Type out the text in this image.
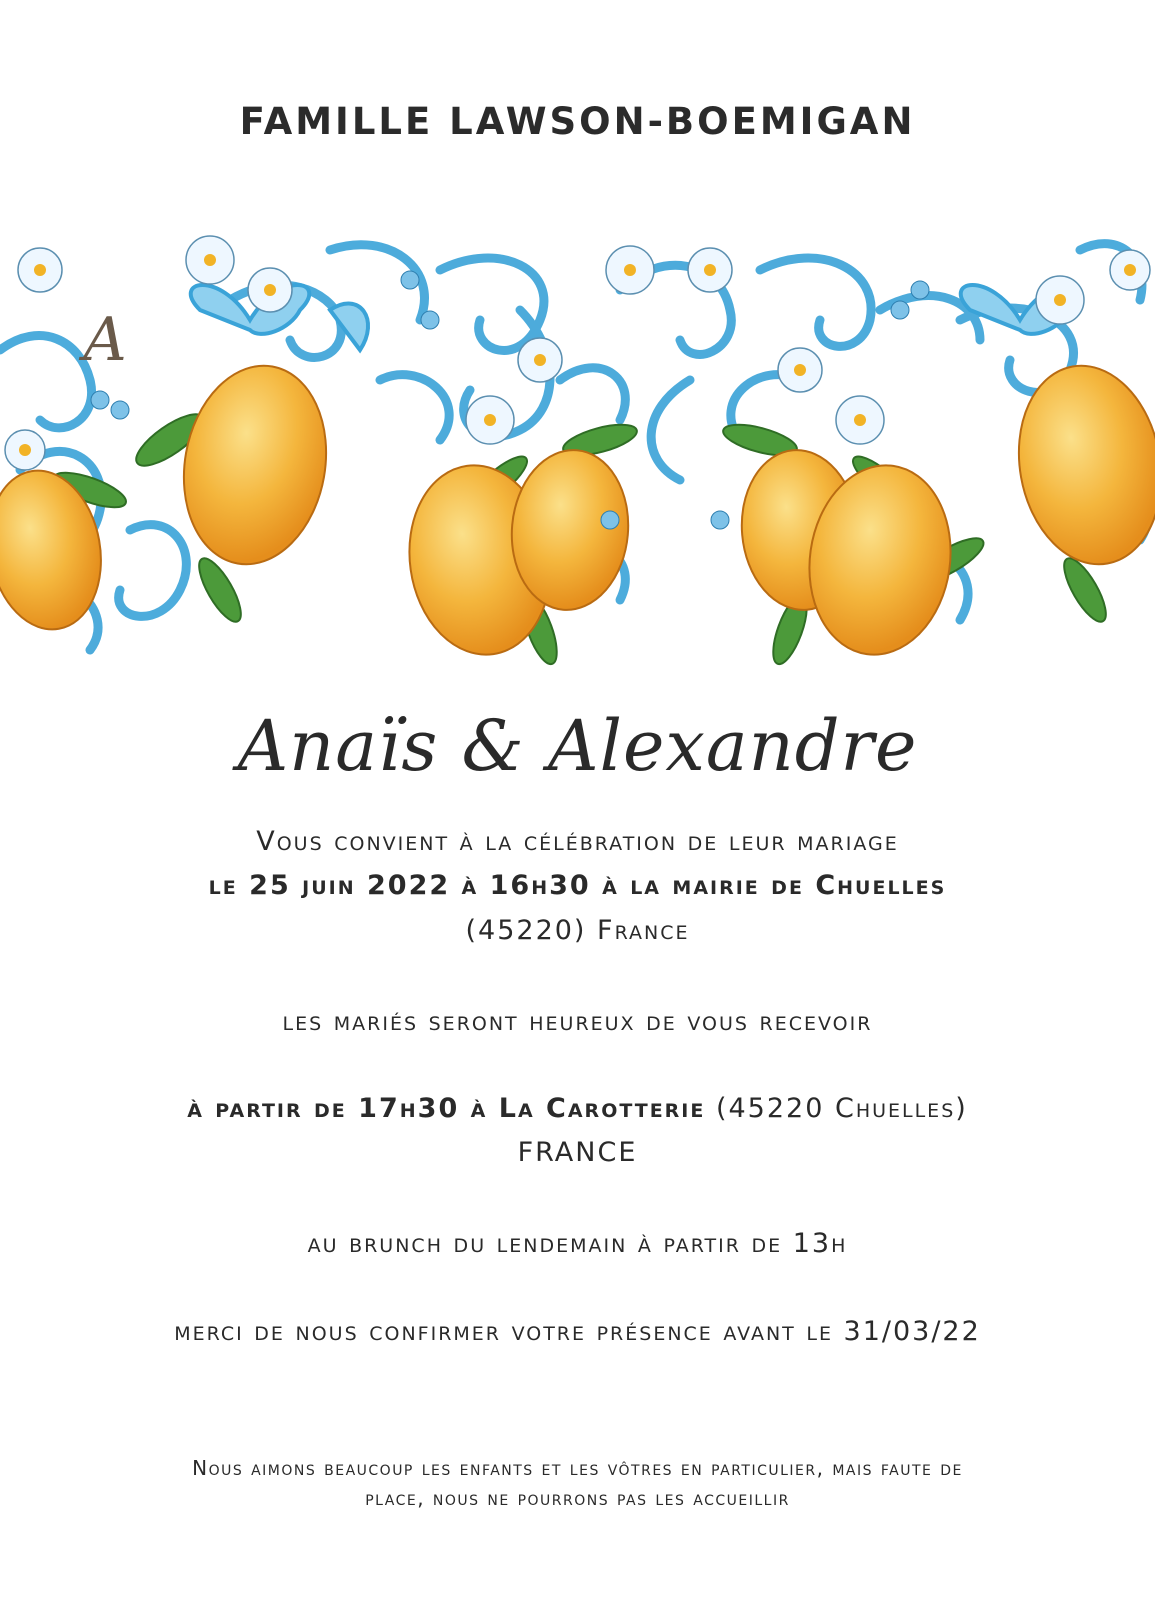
FAMILLE LAWSON-BOEMIGAN
A
Anaïs & Alexandre
Vous convient à la célébration de leur mariage
le 25 juin 2022 à 16h30 à la mairie de Chuelles
(45220) France
les mariés seront heureux de vous recevoir
à partir de 17h30 à La Carotterie (45220 Chuelles)
FRANCE
au brunch du lendemain à partir de 13h
merci de nous confirmer votre présence avant le 31/03/22
Nous aimons beaucoup les enfants et les vôtres en particulier, mais faute de
place, nous ne pourrons pas les accueillir
